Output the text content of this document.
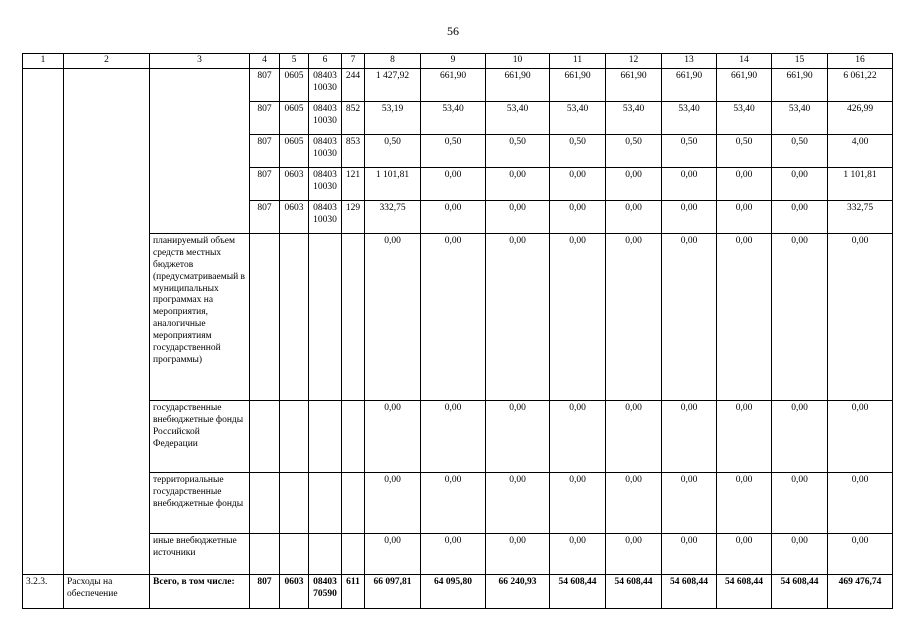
56
1	2	3	4	5	6	7	8	9	10	11	12	13	14	15	16
			807	0605	08403 10030	244	1 427,92	661,90	661,90	661,90	661,90	661,90	661,90	661,90	6 061,22
			807	0605	08403 10030	852	53,19	53,40	53,40	53,40	53,40	53,40	53,40	53,40	426,99
			807	0605	08403 10030	853	0,50	0,50	0,50	0,50	0,50	0,50	0,50	0,50	4,00
			807	0603	08403 10030	121	1 101,81	0,00	0,00	0,00	0,00	0,00	0,00	0,00	1 101,81
			807	0603	08403 10030	129	332,75	0,00	0,00	0,00	0,00	0,00	0,00	0,00	332,75
		планируемый объем средств местных бюджетов (предусматриваемый в муниципальных программах на мероприятия, аналогичные мероприятиям государственной программы)					0,00	0,00	0,00	0,00	0,00	0,00	0,00	0,00	0,00
		государственные внебюджетные фонды Российской Федерации					0,00	0,00	0,00	0,00	0,00	0,00	0,00	0,00	0,00
		территориальные государственные внебюджетные фонды					0,00	0,00	0,00	0,00	0,00	0,00	0,00	0,00	0,00
		иные внебюджетные источники					0,00	0,00	0,00	0,00	0,00	0,00	0,00	0,00	0,00
3.2.3.	Расходы на обеспечение	Всего, в том числе:	807	0603	08403 70590	611	66 097,81	64 095,80	66 240,93	54 608,44	54 608,44	54 608,44	54 608,44	54 608,44	469 476,74
